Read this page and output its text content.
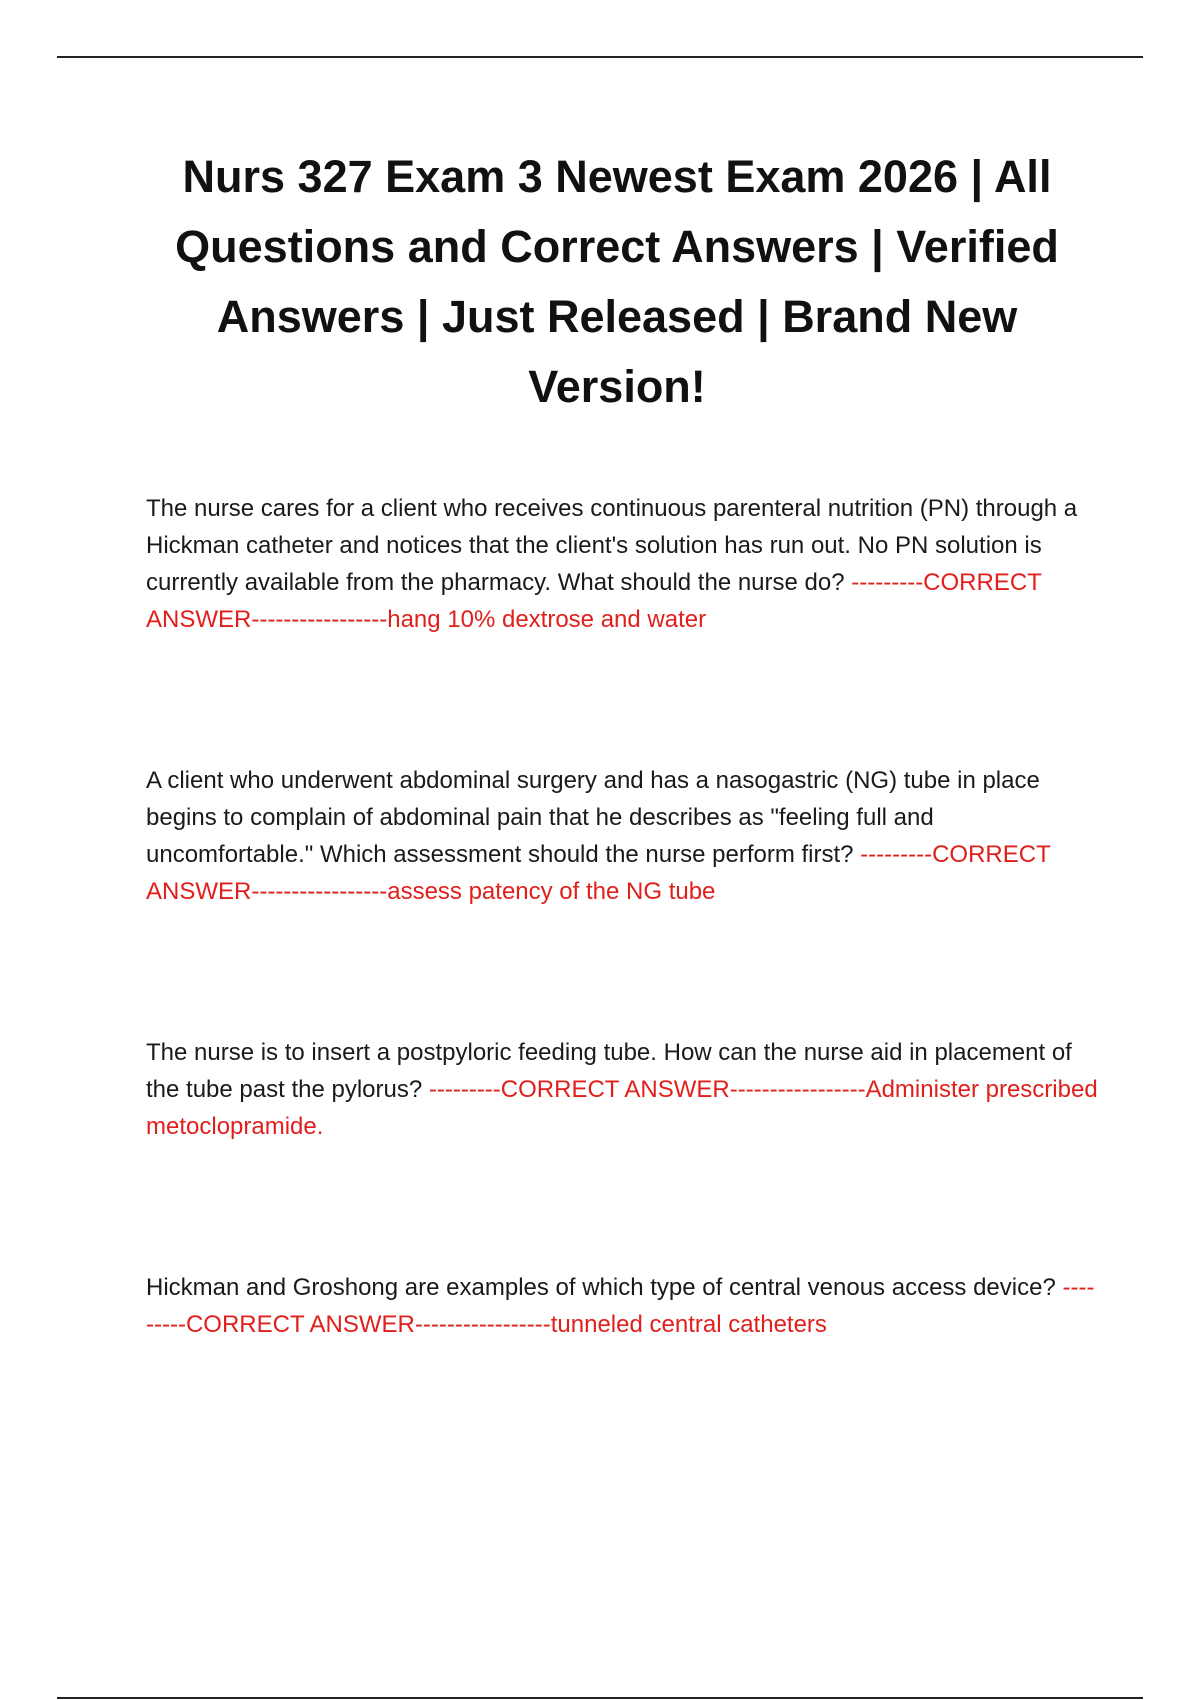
Nurs 327 Exam 3 Newest Exam 2026 | All Questions and Correct Answers | Verified Answers | Just Released | Brand New Version!

The nurse cares for a client who receives continuous parenteral nutrition (PN) through a Hickman catheter and notices that the client's solution has run out. No PN solution is currently available from the pharmacy. What should the nurse do? ---------CORRECT ANSWER-----------------hang 10% dextrose and water

A client who underwent abdominal surgery and has a nasogastric (NG) tube in place begins to complain of abdominal pain that he describes as "feeling full and uncomfortable." Which assessment should the nurse perform first? ---------CORRECT ANSWER-----------------assess patency of the NG tube

The nurse is to insert a postpyloric feeding tube. How can the nurse aid in placement of the tube past the pylorus? ---------CORRECT ANSWER-----------------Administer prescribed metoclopramide.

Hickman and Groshong are examples of which type of central venous access device? ---------CORRECT ANSWER-----------------tunneled central catheters
